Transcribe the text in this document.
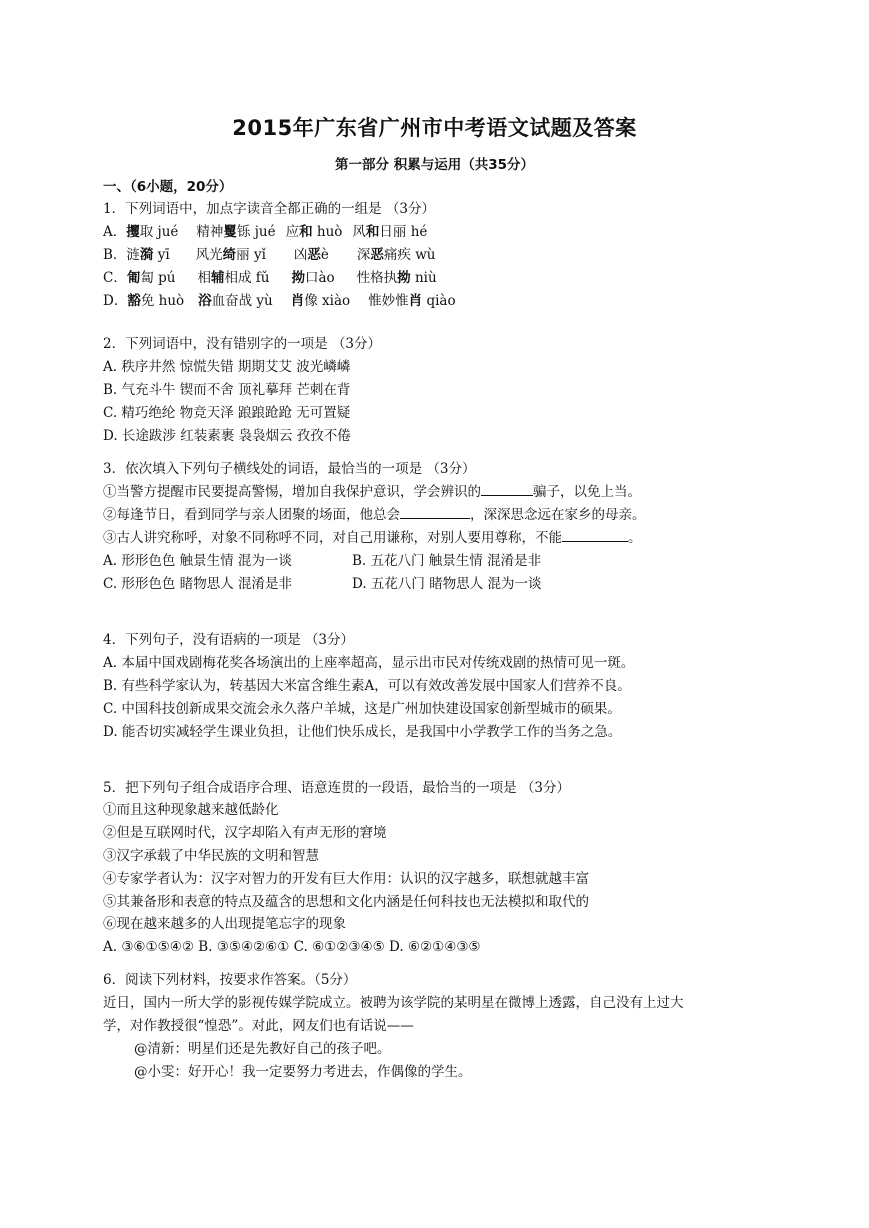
2015年广东省广州市中考语文试题及答案
第一部分 积累与运用（共35分）
一、（6小题，20分）
1．下列词语中，加点字读音全都正确的一组是 （3分）
A．攫取 jué 精神矍铄 jué 应和 huò 风和日丽 hé
B．涟漪 yī 风光绮丽 yǐ 凶恶è 深恶痛疾 wù
C．匍匐 pú 相辅相成 fǔ 拗口ào 性格执拗 niù
D．豁免 huò 浴血奋战 yù 肖像 xiào 惟妙惟肖 qiào
2．下列词语中，没有错别字的一项是 （3分）
A. 秩序井然 惊慌失错 期期艾艾 波光嶙嶙
B. 气充斗牛 锲而不舍 顶礼摹拜 芒刺在背
C. 精巧绝纶 物竞天泽 踉踉跄跄 无可置疑
D. 长途跋涉 红装素裹 袅袅烟云 孜孜不倦
3．依次填入下列句子横线处的词语，最恰当的一项是 （3分）
①当警方提醒市民要提高警惕，增加自我保护意识，学会辨识的	骗子，以免上当。
②每逢节日，看到同学与亲人团聚的场面，他总会	，深深思念远在家乡的母亲。
③古人讲究称呼，对象不同称呼不同，对自己用谦称，对别人要用尊称，不能	。
A. 形形色色 触景生情 混为一谈	B. 五花八门 触景生情 混淆是非
C. 形形色色 睹物思人 混淆是非	D. 五花八门 睹物思人 混为一谈
4．下列句子，没有语病的一项是 （3分）
A. 本届中国戏剧梅花奖各场演出的上座率超高，显示出市民对传统戏剧的热情可见一斑。
B. 有些科学家认为，转基因大米富含维生素A，可以有效改善发展中国家人们营养不良。
C. 中国科技创新成果交流会永久落户羊城，这是广州加快建设国家创新型城市的硕果。
D. 能否切实减轻学生课业负担，让他们快乐成长，是我国中小学教学工作的当务之急。
5．把下列句子组合成语序合理、语意连贯的一段语，最恰当的一项是 （3分）
①而且这种现象越来越低龄化
②但是互联网时代，汉字却陷入有声无形的窘境
③汉字承载了中华民族的文明和智慧
④专家学者认为：汉字对智力的开发有巨大作用：认识的汉字越多，联想就越丰富
⑤其兼备形和表意的特点及蕴含的思想和文化内涵是任何科技也无法模拟和取代的
⑥现在越来越多的人出现提笔忘字的现象
A. ③⑥①⑤④② B. ③⑤④②⑥① C. ⑥①②③④⑤ D. ⑥②①④③⑤
6．阅读下列材料，按要求作答案。（5分）
近日，国内一所大学的影视传媒学院成立。被聘为该学院的某明星在微博上透露，自己没有上过大
学，对作教授很“惶恐”。对此，网友们也有话说——
@清新：明星们还是先教好自己的孩子吧。
@小雯：好开心！我一定要努力考进去，作偶像的学生。
